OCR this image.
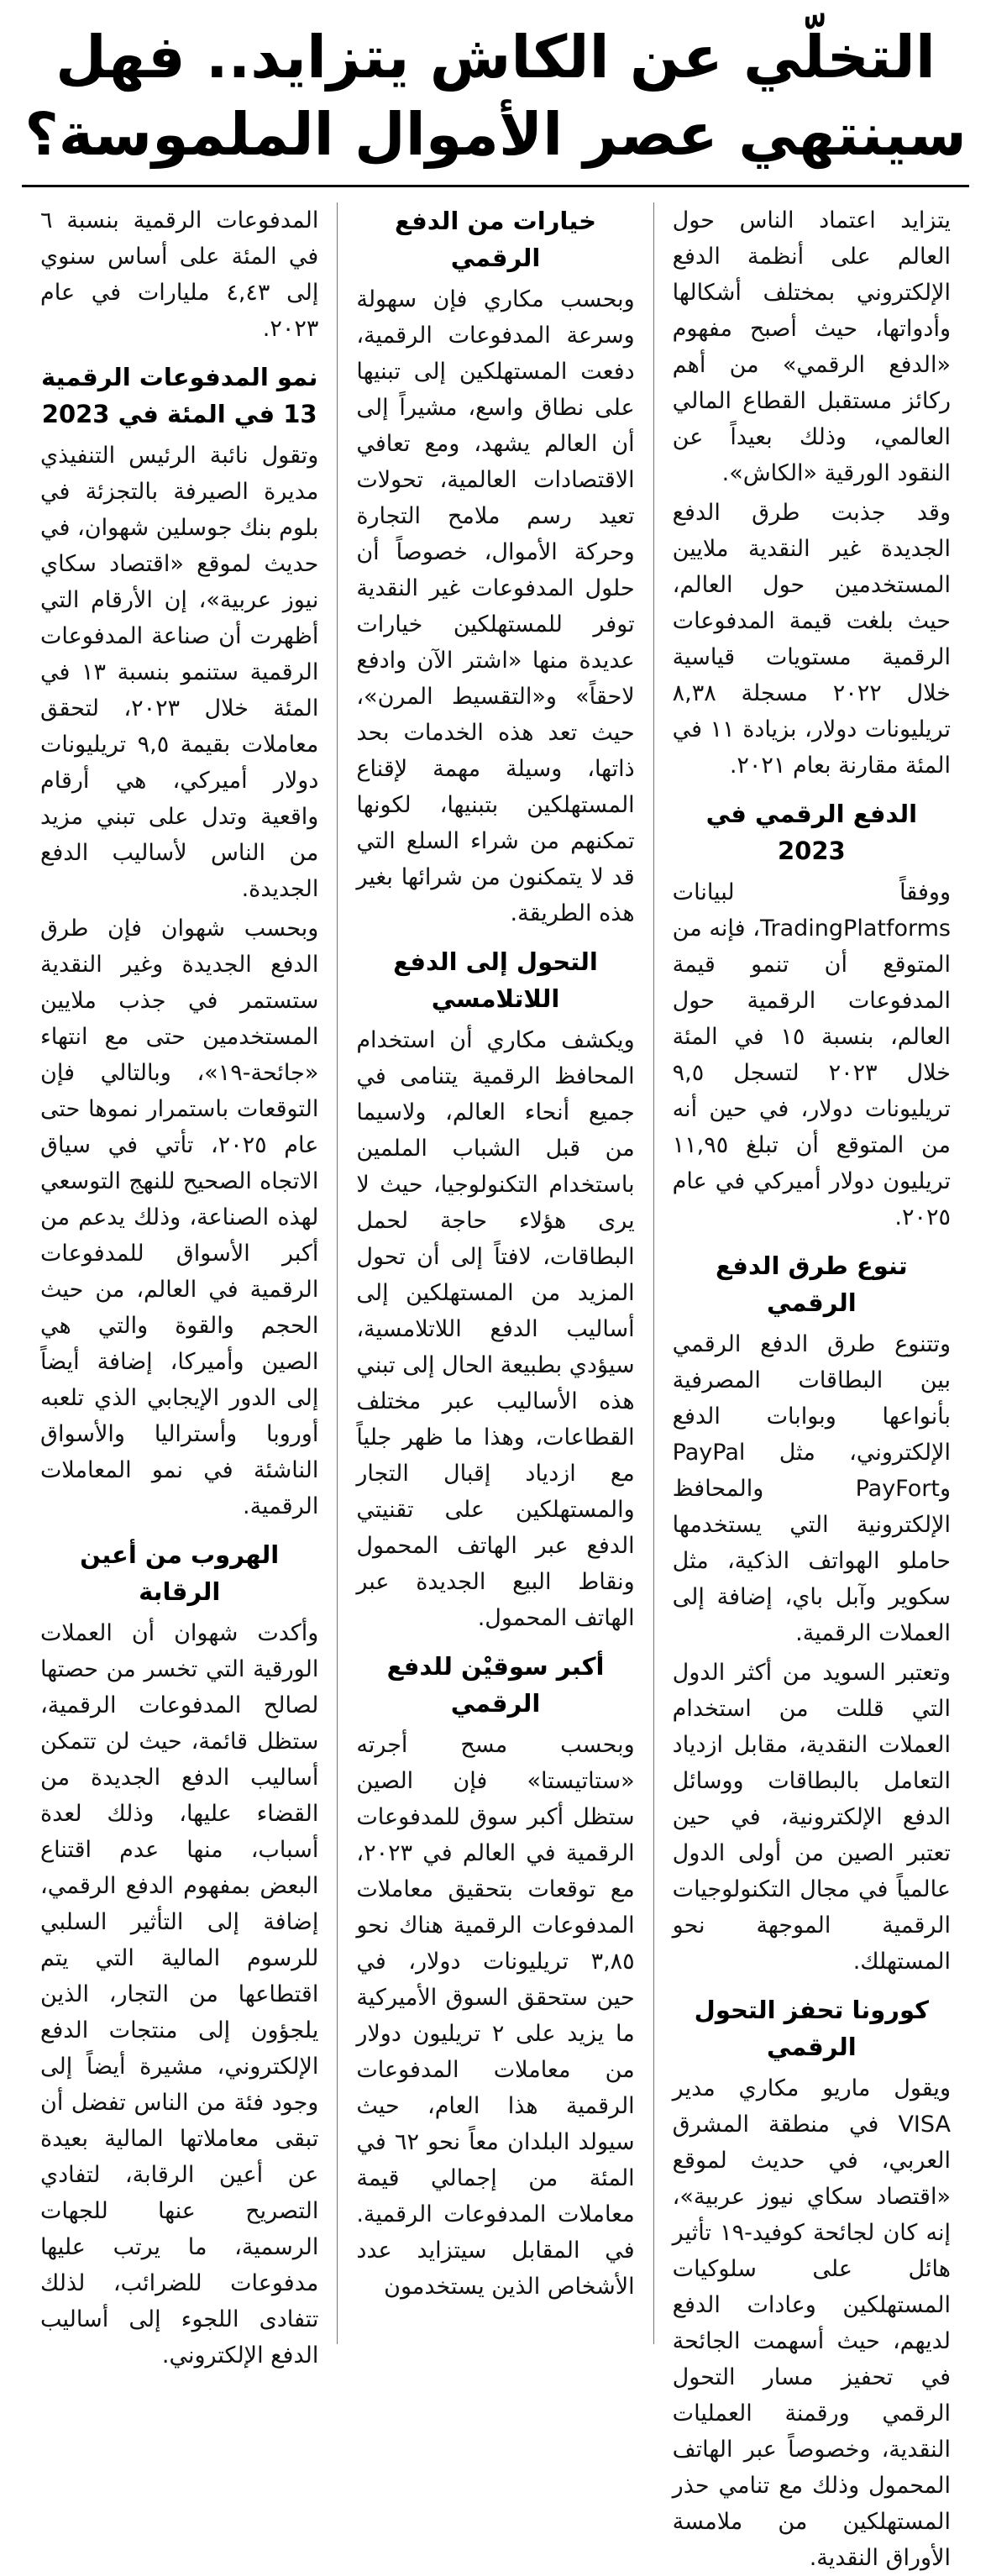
التخلّي عن الكاش يتزايد.. فهل
سينتهي عصر الأموال الملموسة؟

يتزايد اعتماد الناس حول العالم على أنظمة الدفع الإلكتروني بمختلف أشكالها وأدواتها، حيث أصبح مفهوم «الدفع الرقمي» من أهم ركائز مستقبل القطاع المالي العالمي، وذلك بعيداً عن النقود الورقية «الكاش».

وقد جذبت طرق الدفع الجديدة غير النقدية ملايين المستخدمين حول العالم، حيث بلغت قيمة المدفوعات الرقمية مستويات قياسية خلال ٢٠٢٢ مسجلة ٨,٣٨ تريليونات دولار، بزيادة ١١ في المئة مقارنة بعام ٢٠٢١.

الدفع الرقمي في 2023

ووفقاً لبيانات TradingPlatforms، فإنه من المتوقع أن تنمو قيمة المدفوعات الرقمية حول العالم، بنسبة ١٥ في المئة خلال ٢٠٢٣ لتسجل ٩,٥ تريليونات دولار، في حين أنه من المتوقع أن تبلغ ١١,٩٥ تريليون دولار أميركي في عام ٢٠٢٥.

تنوع طرق الدفع الرقمي

وتتنوع طرق الدفع الرقمي بين البطاقات المصرفية بأنواعها وبوابات الدفع الإلكتروني، مثل PayPal وPayFort والمحافظ الإلكترونية التي يستخدمها حاملو الهواتف الذكية، مثل سكوير وآبل باي، إضافة إلى العملات الرقمية.

وتعتبر السويد من أكثر الدول التي قللت من استخدام العملات النقدية، مقابل ازدياد التعامل بالبطاقات ووسائل الدفع الإلكترونية، في حين تعتبر الصين من أولى الدول عالمياً في مجال التكنولوجيات الرقمية الموجهة نحو المستهلك.

كورونا تحفز التحول الرقمي

ويقول ماريو مكاري مدير VISA في منطقة المشرق العربي، في حديث لموقع «اقتصاد سكاي نيوز عربية»، إنه كان لجائحة كوفيد-١٩ تأثير هائل على سلوكيات المستهلكين وعادات الدفع لديهم، حيث أسهمت الجائحة في تحفيز مسار التحول الرقمي ورقمنة العمليات النقدية، وخصوصاً عبر الهاتف المحمول وذلك مع تنامي حذر المستهلكين من ملامسة الأوراق النقدية.

خيارات من الدفع الرقمي

وبحسب مكاري فإن سهولة وسرعة المدفوعات الرقمية، دفعت المستهلكين إلى تبنيها على نطاق واسع، مشيراً إلى أن العالم يشهد، ومع تعافي الاقتصادات العالمية، تحولات تعيد رسم ملامح التجارة وحركة الأموال، خصوصاً أن حلول المدفوعات غير النقدية توفر للمستهلكين خيارات عديدة منها «اشتر الآن وادفع لاحقاً» و«التقسيط المرن»، حيث تعد هذه الخدمات بحد ذاتها، وسيلة مهمة لإقناع المستهلكين بتبنيها، لكونها تمكنهم من شراء السلع التي قد لا يتمكنون من شرائها بغير هذه الطريقة.

التحول إلى الدفع اللاتلامسي

ويكشف مكاري أن استخدام المحافظ الرقمية يتنامى في جميع أنحاء العالم، ولاسيما من قبل الشباب الملمين باستخدام التكنولوجيا، حيث لا يرى هؤلاء حاجة لحمل البطاقات، لافتاً إلى أن تحول المزيد من المستهلكين إلى أساليب الدفع اللاتلامسية، سيؤدي بطبيعة الحال إلى تبني هذه الأساليب عبر مختلف القطاعات، وهذا ما ظهر جلياً مع ازدياد إقبال التجار والمستهلكين على تقنيتي الدفع عبر الهاتف المحمول ونقاط البيع الجديدة عبر الهاتف المحمول.

أكبر سوقيْن للدفع الرقمي

وبحسب مسح أجرته «ستاتيستا» فإن الصين ستظل أكبر سوق للمدفوعات الرقمية في العالم في ٢٠٢٣، مع توقعات بتحقيق معاملات المدفوعات الرقمية هناك نحو ٣,٨٥ تريليونات دولار، في حين ستحقق السوق الأميركية ما يزيد على ٢ تريليون دولار من معاملات المدفوعات الرقمية هذا العام، حيث سيولد البلدان معاً نحو ٦٢ في المئة من إجمالي قيمة معاملات المدفوعات الرقمية. في المقابل سيتزايد عدد الأشخاص الذين يستخدمون

المدفوعات الرقمية بنسبة ٦ في المئة على أساس سنوي إلى ٤,٤٣ مليارات في عام ٢٠٢٣.

نمو المدفوعات الرقمية 13 في المئة في 2023

وتقول نائبة الرئيس التنفيذي مديرة الصيرفة بالتجزئة في بلوم بنك جوسلين شهوان، في حديث لموقع «اقتصاد سكاي نيوز عربية»، إن الأرقام التي أظهرت أن صناعة المدفوعات الرقمية ستنمو بنسبة ١٣ في المئة خلال ٢٠٢٣، لتحقق معاملات بقيمة ٩,٥ تريليونات دولار أميركي، هي أرقام واقعية وتدل على تبني مزيد من الناس لأساليب الدفع الجديدة.

وبحسب شهوان فإن طرق الدفع الجديدة وغير النقدية ستستمر في جذب ملايين المستخدمين حتى مع انتهاء «جائحة-١٩»، وبالتالي فإن التوقعات باستمرار نموها حتى عام ٢٠٢٥، تأتي في سياق الاتجاه الصحيح للنهج التوسعي لهذه الصناعة، وذلك يدعم من أكبر الأسواق للمدفوعات الرقمية في العالم، من حيث الحجم والقوة والتي هي الصين وأميركا، إضافة أيضاً إلى الدور الإيجابي الذي تلعبه أوروبا وأستراليا والأسواق الناشئة في نمو المعاملات الرقمية.

الهروب من أعين الرقابة

وأكدت شهوان أن العملات الورقية التي تخسر من حصتها لصالح المدفوعات الرقمية، ستظل قائمة، حيث لن تتمكن أساليب الدفع الجديدة من القضاء عليها، وذلك لعدة أسباب، منها عدم اقتناع البعض بمفهوم الدفع الرقمي، إضافة إلى التأثير السلبي للرسوم المالية التي يتم اقتطاعها من التجار، الذين يلجؤون إلى منتجات الدفع الإلكتروني، مشيرة أيضاً إلى وجود فئة من الناس تفضل أن تبقى معاملاتها المالية بعيدة عن أعين الرقابة، لتفادي التصريح عنها للجهات الرسمية، ما يرتب عليها مدفوعات للضرائب، لذلك تتفادى اللجوء إلى أساليب الدفع الإلكتروني.
